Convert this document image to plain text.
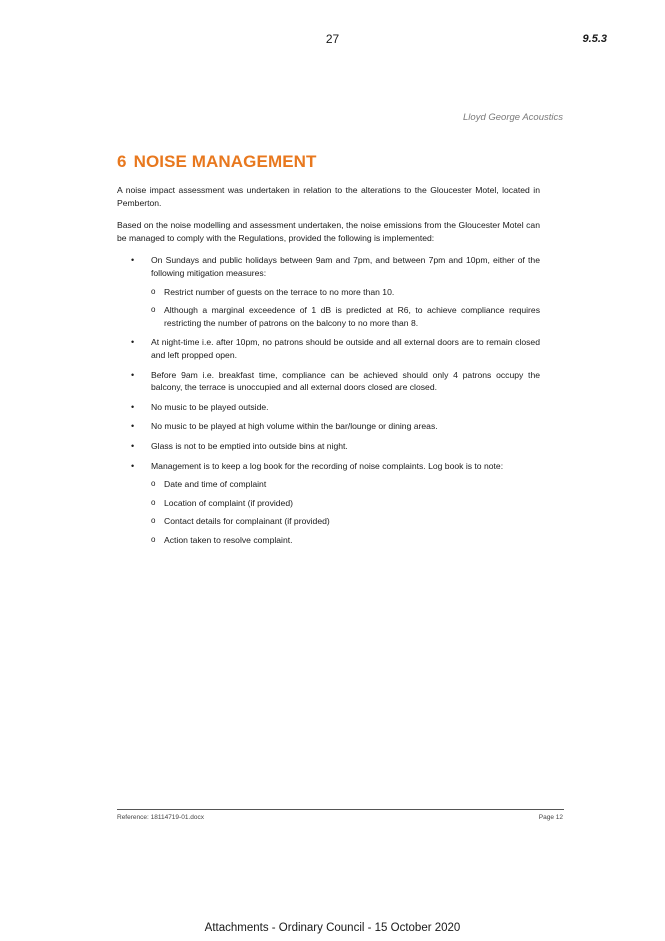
27	9.5.3
Lloyd George Acoustics
6 NOISE MANAGEMENT

A noise impact assessment was undertaken in relation to the alterations to the Gloucester Motel, located in Pemberton.

Based on the noise modelling and assessment undertaken, the noise emissions from the Gloucester Motel can be managed to comply with the Regulations, provided the following is implemented:

• On Sundays and public holidays between 9am and 7pm, and between 7pm and 10pm, either of the following mitigation measures:
o Restrict number of guests on the terrace to no more than 10.
o Although a marginal exceedence of 1 dB is predicted at R6, to achieve compliance requires restricting the number of patrons on the balcony to no more than 8.
• At night-time i.e. after 10pm, no patrons should be outside and all external doors are to remain closed and left propped open.
• Before 9am i.e. breakfast time, compliance can be achieved should only 4 patrons occupy the balcony, the terrace is unoccupied and all external doors closed are closed.
• No music to be played outside.
• No music to be played at high volume within the bar/lounge or dining areas.
• Glass is not to be emptied into outside bins at night.
• Management is to keep a log book for the recording of noise complaints. Log book is to note:
o Date and time of complaint
o Location of complaint (if provided)
o Contact details for complainant (if provided)
o Action taken to resolve complaint.
Reference: 18114719-01.docx	Page 12
Attachments - Ordinary Council - 15 October 2020
